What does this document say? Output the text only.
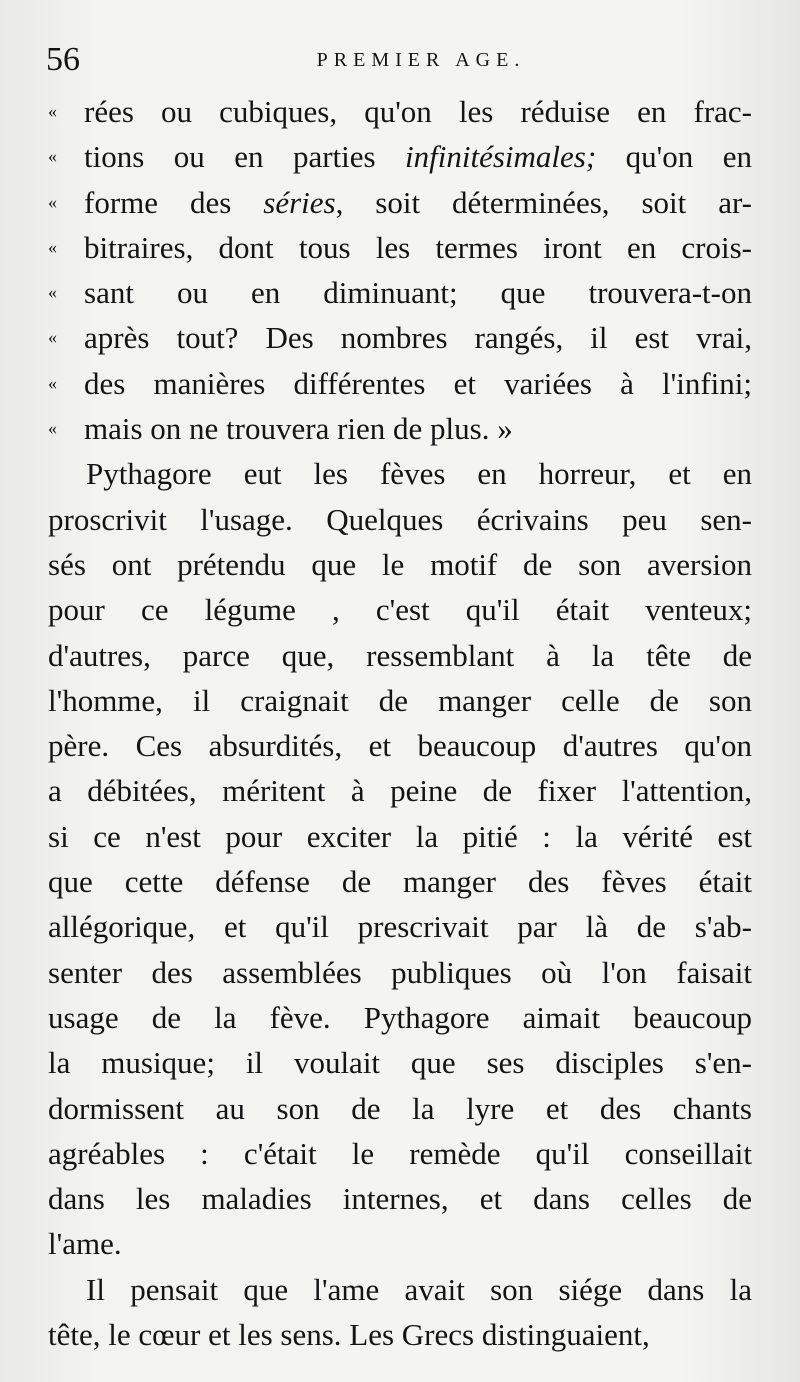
56	PREMIER AGE.
« rées ou cubiques, qu'on les réduise en frac-
« tions ou en parties infinitésimales; qu'on en
« forme des séries, soit déterminées, soit ar-
« bitraires, dont tous les termes iront en crois-
« sant ou en diminuant; que trouvera-t-on
« après tout? Des nombres rangés, il est vrai,
« des manières différentes et variées à l'infini;
« mais on ne trouvera rien de plus. »
Pythagore eut les fèves en horreur, et en
proscrivit l'usage. Quelques écrivains peu sen-
sés ont prétendu que le motif de son aversion
pour ce légume , c'est qu'il était venteux;
d'autres, parce que, ressemblant à la tête de
l'homme, il craignait de manger celle de son
père. Ces absurdités, et beaucoup d'autres qu'on
a débitées, méritent à peine de fixer l'attention,
si ce n'est pour exciter la pitié : la vérité est
que cette défense de manger des fèves était
allégorique, et qu'il prescrivait par là de s'ab-
senter des assemblées publiques où l'on faisait
usage de la fève. Pythagore aimait beaucoup
la musique; il voulait que ses disciples s'en-
dormissent au son de la lyre et des chants
agréables : c'était le remède qu'il conseillait
dans les maladies internes, et dans celles de
l'ame.
Il pensait que l'ame avait son siége dans la
tête, le cœur et les sens. Les Grecs distinguaient,
